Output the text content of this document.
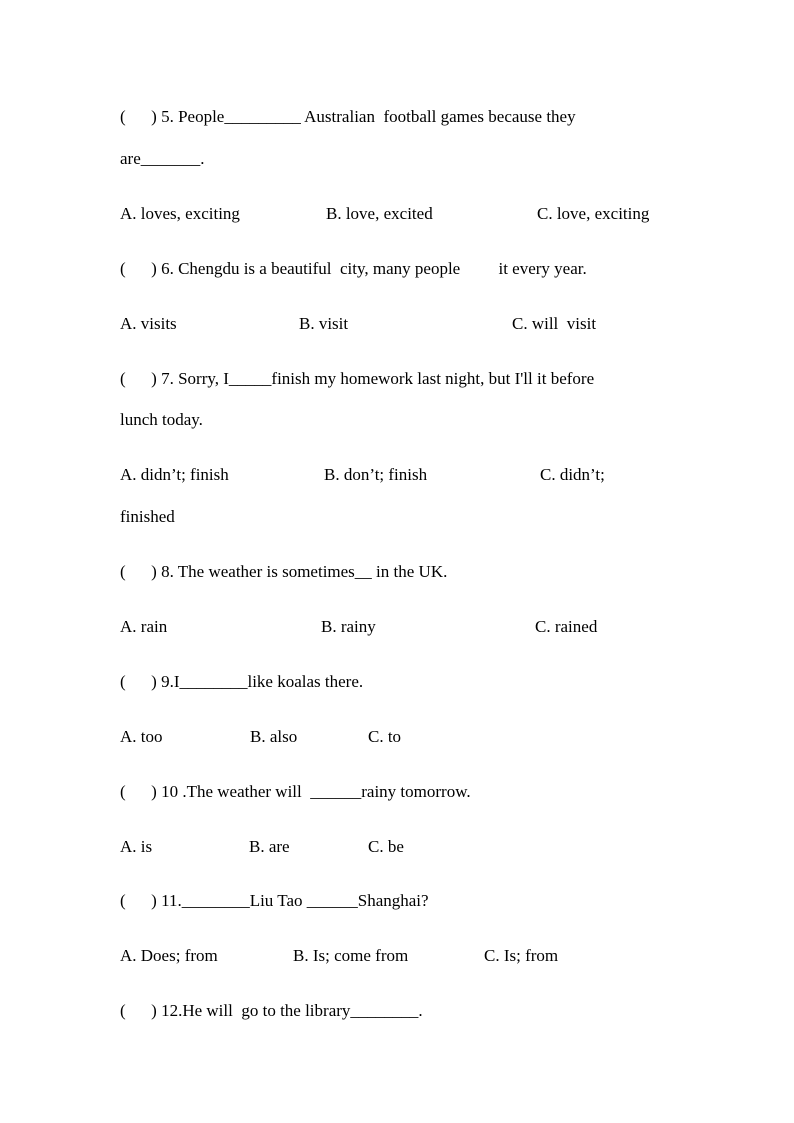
(      ) 5. People_________ Australian  football games because they
are_______.
A. loves, exciting	B. love, excited	C. love, exciting
(      ) 6. Chengdu is a beautiful  city, many people         it every year.
A. visits	B. visit	C. will  visit
(      ) 7. Sorry, I_____finish my homework last night, but I'll it before
lunch today.
A. didn’t; finish	B. don’t; finish	C. didn’t;
finished
(      ) 8. The weather is sometimes__ in the UK.
A. rain	B. rainy	C. rained
(      ) 9.I________like koalas there.
A. too	B. also	C. to
(      ) 10 .The weather will  ______rainy tomorrow.
A. is	B. are	C. be
(      ) 11.________Liu Tao ______Shanghai?
A. Does; from	B. Is; come from	C. Is; from
(      ) 12.He will  go to the library________.
